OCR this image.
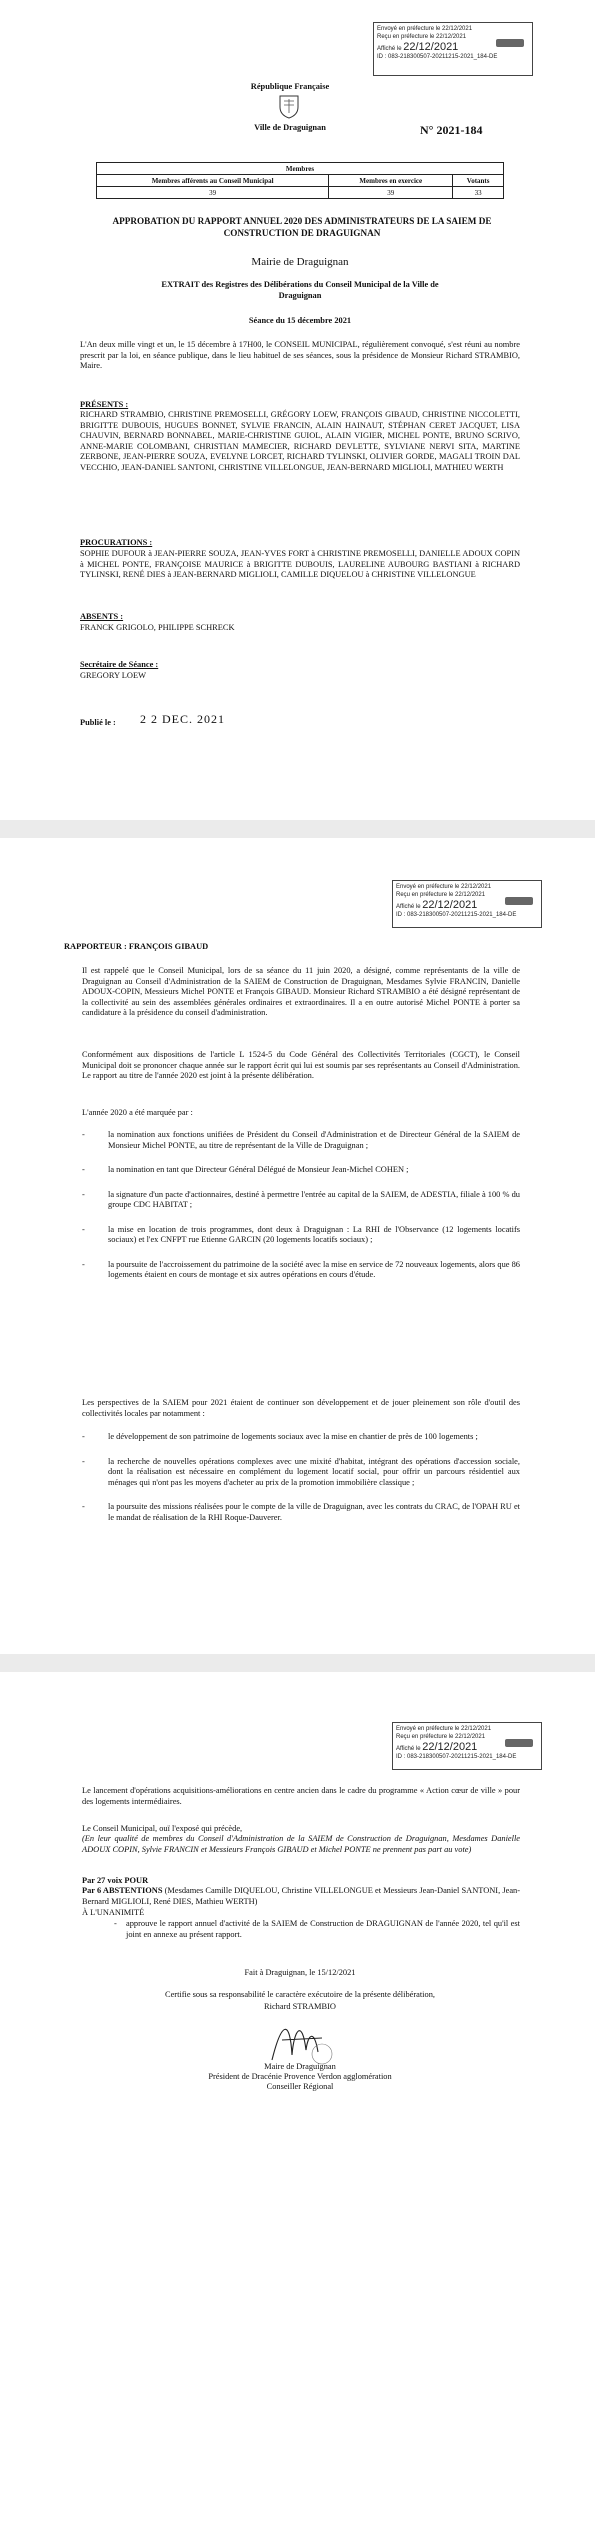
Envoyé en préfecture le 22/12/2021
Reçu en préfecture le 22/12/2021
Affiché le 22/12/2021
ID : 083-218300507-20211215-2021_184-DE
République Française
Ville de Draguignan	N° 2021-184
Membres		
Membres afférents au Conseil Municipal	Membres en exercice	Votants
39	39	33
APPROBATION DU RAPPORT ANNUEL 2020 DES ADMINISTRATEURS DE LA SAIEM DE CONSTRUCTION DE DRAGUIGNAN
Mairie de Draguignan
EXTRAIT des Registres des Délibérations du Conseil Municipal de la Ville de Draguignan
Séance du 15 décembre 2021
L'An deux mille vingt et un, le 15 décembre à 17H00, le CONSEIL MUNICIPAL, régulièrement convoqué, s'est réuni au nombre prescrit par la loi, en séance publique, dans le lieu habituel de ses séances, sous la présidence de Monsieur Richard STRAMBIO, Maire.
PRÉSENTS :
RICHARD STRAMBIO, CHRISTINE PREMOSELLI, GRÉGORY LOEW, FRANÇOIS GIBAUD, CHRISTINE NICCOLETTI, BRIGITTE DUBOUIS, HUGUES BONNET, SYLVIE FRANCIN, ALAIN HAINAUT, STÉPHAN CERET JACQUET, LISA CHAUVIN, BERNARD BONNABEL, MARIE-CHRISTINE GUIOL, ALAIN VIGIER, MICHEL PONTE, BRUNO SCRIVO, ANNE-MARIE COLOMBANI, CHRISTIAN MAMECIER, RICHARD DEVLETTE, SYLVIANE NERVI SITA, MARTINE ZERBONE, JEAN-PIERRE SOUZA, EVELYNE LORCET, RICHARD TYLINSKI, OLIVIER GORDE, MAGALI TROIN DAL VECCHIO, JEAN-DANIEL SANTONI, CHRISTINE VILLELONGUE, JEAN-BERNARD MIGLIOLI, MATHIEU WERTH
PROCURATIONS :
SOPHIE DUFOUR à JEAN-PIERRE SOUZA, JEAN-YVES FORT à CHRISTINE PREMOSELLI, DANIELLE ADOUX COPIN à MICHEL PONTE, FRANÇOISE MAURICE à BRIGITTE DUBOUIS, LAURELINE AUBOURG BASTIANI à RICHARD TYLINSKI, RENÉ DIES à JEAN-BERNARD MIGLIOLI, CAMILLE DIQUELOU à CHRISTINE VILLELONGUE
ABSENTS :
FRANCK GRIGOLO, PHILIPPE SCHRECK
Secrétaire de Séance :
GREGORY LOEW
Publié le : 2 2 DEC. 2021
Envoyé en préfecture le 22/12/2021
Reçu en préfecture le 22/12/2021
Affiché le 22/12/2021
ID : 083-218300507-20211215-2021_184-DE
RAPPORTEUR : FRANÇOIS GIBAUD
Il est rappelé que le Conseil Municipal, lors de sa séance du 11 juin 2020, a désigné, comme représentants de la ville de Draguignan au Conseil d'Administration de la SAIEM de Construction de Draguignan, Mesdames Sylvie FRANCIN, Danielle ADOUX-COPIN, Messieurs Michel PONTE et François GIBAUD. Monsieur Richard STRAMBIO a été désigné représentant de la collectivité au sein des assemblées générales ordinaires et extraordinaires. Il a en outre autorisé Michel PONTE à porter sa candidature à la présidence du conseil d'administration.
Conformément aux dispositions de l'article L 1524-5 du Code Général des Collectivités Territoriales (CGCT), le Conseil Municipal doit se prononcer chaque année sur le rapport écrit qui lui est soumis par ses représentants au Conseil d'Administration. Le rapport au titre de l'année 2020 est joint à la présente délibération.
L'année 2020 a été marquée par :
- la nomination aux fonctions unifiées de Président du Conseil d'Administration et de Directeur Général de la SAIEM de Monsieur Michel PONTE, au titre de représentant de la Ville de Draguignan ;
- la nomination en tant que Directeur Général Délégué de Monsieur Jean-Michel COHEN ;
- la signature d'un pacte d'actionnaires, destiné à permettre l'entrée au capital de la SAIEM, de ADESTIA, filiale à 100 % du groupe CDC HABITAT ;
- la mise en location de trois programmes, dont deux à Draguignan : La RHI de l'Observance (12 logements locatifs sociaux) et l'ex CNFPT rue Etienne GARCIN (20 logements locatifs sociaux) ;
- la poursuite de l'accroissement du patrimoine de la société avec la mise en service de 72 nouveaux logements, alors que 86 logements étaient en cours de montage et six autres opérations en cours d'étude.
Les perspectives de la SAIEM pour 2021 étaient de continuer son développement et de jouer pleinement son rôle d'outil des collectivités locales par notamment :
- le développement de son patrimoine de logements sociaux avec la mise en chantier de près de 100 logements ;
- la recherche de nouvelles opérations complexes avec une mixité d'habitat, intégrant des opérations d'accession sociale, dont la réalisation est nécessaire en complément du logement locatif social, pour offrir un parcours résidentiel aux ménages qui n'ont pas les moyens d'acheter au prix de la promotion immobilière classique ;
- la poursuite des missions réalisées pour le compte de la ville de Draguignan, avec les contrats du CRAC, de l'OPAH RU et le mandat de réalisation de la RHI Roque-Dauverer.
Envoyé en préfecture le 22/12/2021
Reçu en préfecture le 22/12/2021
Affiché le 22/12/2021
ID : 083-218300507-20211215-2021_184-DE
Le lancement d'opérations acquisitions-améliorations en centre ancien dans le cadre du programme « Action cœur de ville » pour des logements intermédiaires.
Le Conseil Municipal, ouï l'exposé qui précède,
(En leur qualité de membres du Conseil d'Administration de la SAIEM de Construction de Draguignan, Mesdames Danielle ADOUX COPIN, Sylvie FRANCIN et Messieurs François GIBAUD et Michel PONTE ne prennent pas part au vote)
Par 27 voix POUR
Par 6 ABSTENTIONS (Mesdames Camille DIQUELOU, Christine VILLELONGUE et Messieurs Jean-Daniel SANTONI, Jean-Bernard MIGLIOLI, René DIES, Mathieu WERTH)
À L'UNANIMITÉ
- approuve le rapport annuel d'activité de la SAIEM de Construction de DRAGUIGNAN de l'année 2020, tel qu'il est joint en annexe au présent rapport.
Fait à Draguignan, le 15/12/2021
Certifie sous sa responsabilité le caractère exécutoire de la présente délibération,
Richard STRAMBIO
Maire de Draguignan
Président de Dracénie Provence Verdon agglomération
Conseiller Régional
